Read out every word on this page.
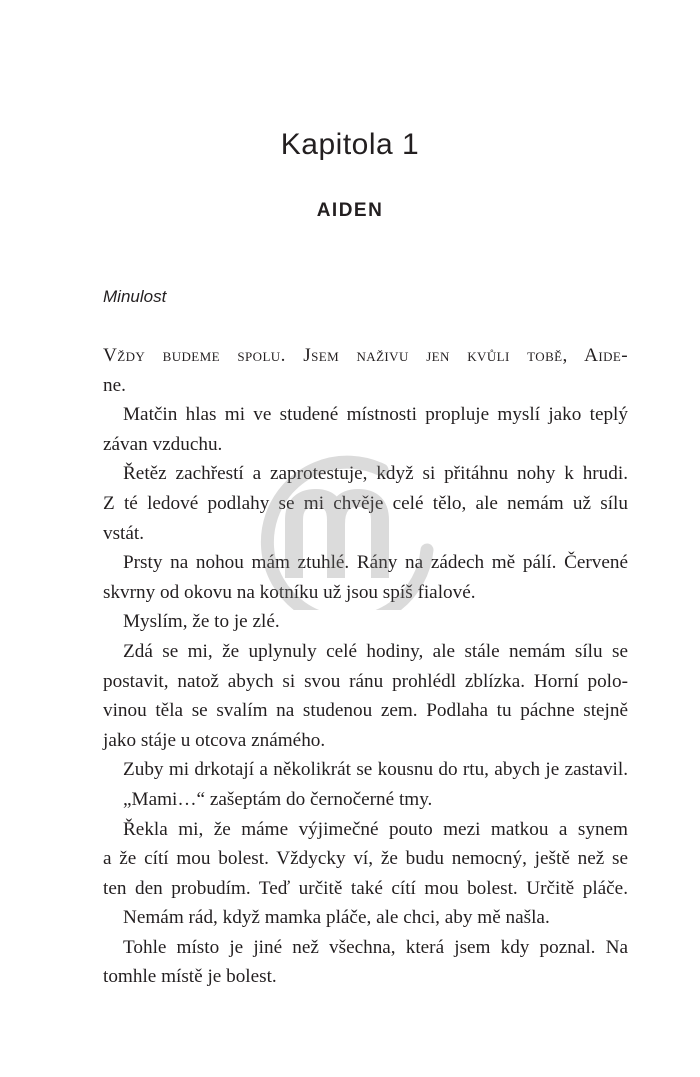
Kapitola 1
AIDEN

Minulost

Vždy budeme spolu. Jsem naživu jen kvůli tobě, Aide-
ne.
Matčin hlas mi ve studené místnosti propluje myslí jako teplý
závan vzduchu.
Řetěz zachřestí a zaprotestuje, když si přitáhnu nohy k hrudi.
Z té ledové podlahy se mi chvěje celé tělo, ale nemám už sílu
vstát.
Prsty na nohou mám ztuhlé. Rány na zádech mě pálí. Červené
skvrny od okovu na kotníku už jsou spíš fialové.
Myslím, že to je zlé.
Zdá se mi, že uplynuly celé hodiny, ale stále nemám sílu se
postavit, natož abych si svou ránu prohlédl zblízka. Horní polo-
vinou těla se svalím na studenou zem. Podlaha tu páchne stejně
jako stáje u otcova známého.
Zuby mi drkotají a několikrát se kousnu do rtu, abych je zastavil.
„Mami…“ zašeptám do černočerné tmy.
Řekla mi, že máme výjimečné pouto mezi matkou a synem
a že cítí mou bolest. Vždycky ví, že budu nemocný, ještě než se
ten den probudím. Teď určitě také cítí mou bolest. Určitě pláče.
Nemám rád, když mamka pláče, ale chci, aby mě našla.
Tohle místo je jiné než všechna, která jsem kdy poznal. Na
tomhle místě je bolest.
